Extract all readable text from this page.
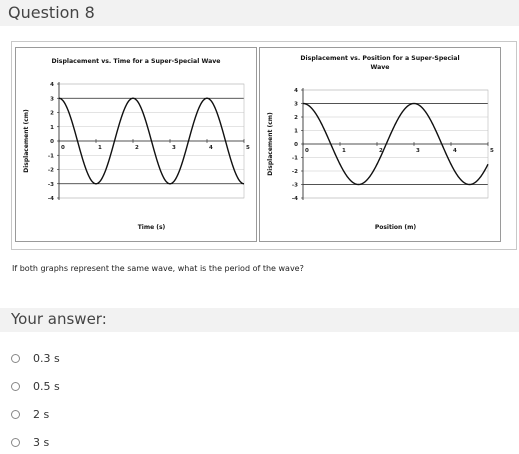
Question 8
Displacement vs. Time for a Super-Special Wave
4
3
2
1
0
-1
-2
-3
-4
0	1	2	3	4	5
Time (s)
Displacement (cm)
Displacement vs. Position for a Super-Special Wave
4
3
2
1
0
-1
-2
-3
-4
0	1	2	3	4	5
Position (m)
Displacement (cm)
If both graphs represent the same wave, what is the period of the wave?
Your answer:
0.3 s
0.5 s
2 s
3 s
